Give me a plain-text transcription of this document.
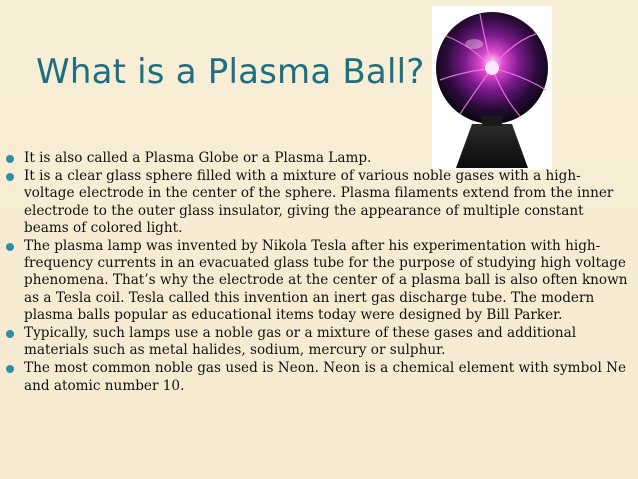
What is a Plasma Ball?
It is also called a Plasma Globe or a Plasma Lamp.
It is a clear glass sphere filled with a mixture of various noble gases with a high-voltage electrode in the center of the sphere. Plasma filaments extend from the inner electrode to the outer glass insulator, giving the appearance of multiple constant beams of colored light.
The plasma lamp was invented by Nikola Tesla after his experimentation with high-frequency currents in an evacuated glass tube for the purpose of studying high voltage phenomena. That’s why the electrode at the center of a plasma ball is also often known as a Tesla coil. Tesla called this invention an inert gas discharge tube. The modern plasma balls popular as educational items today were designed by Bill Parker.
Typically, such lamps use a noble gas or a mixture of these gases and additional materials such as metal halides, sodium, mercury or sulphur.
The most common noble gas used is Neon. Neon is a chemical element with symbol Ne and atomic number 10.
